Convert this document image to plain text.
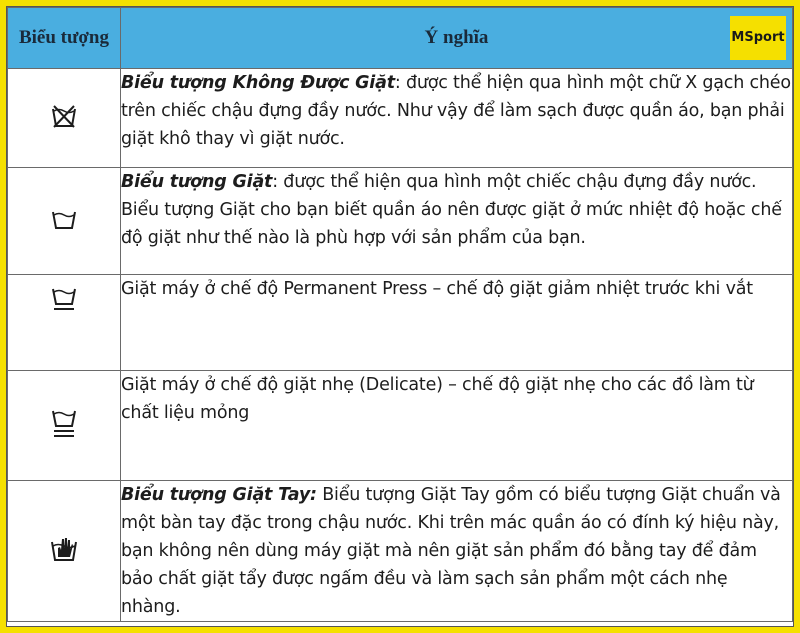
Biểu tượng	Ý nghĩa MSport

	Biểu tượng Không Được Giặt: được thể hiện qua hình một chữ X gạch chéo trên chiếc chậu đựng đầy nước. Như vậy để làm sạch được quần áo, bạn phải giặt khô thay vì giặt nước.
	Biểu tượng Giặt: được thể hiện qua hình một chiếc chậu đựng đầy nước. Biểu tượng Giặt cho bạn biết quần áo nên được giặt ở mức nhiệt độ hoặc chế độ giặt như thế nào là phù hợp với sản phẩm của bạn.
	Giặt máy ở chế độ Permanent Press – chế độ giặt giảm nhiệt trước khi vắt
	Giặt máy ở chế độ giặt nhẹ (Delicate) – chế độ giặt nhẹ cho các đồ làm từ chất liệu mỏng
	Biểu tượng Giặt Tay: Biểu tượng Giặt Tay gồm có biểu tượng Giặt chuẩn và một bàn tay đặc trong chậu nước. Khi trên mác quần áo có đính ký hiệu này, bạn không nên dùng máy giặt mà nên giặt sản phẩm đó bằng tay để đảm bảo chất giặt tẩy được ngấm đều và làm sạch sản phẩm một cách nhẹ nhàng.
